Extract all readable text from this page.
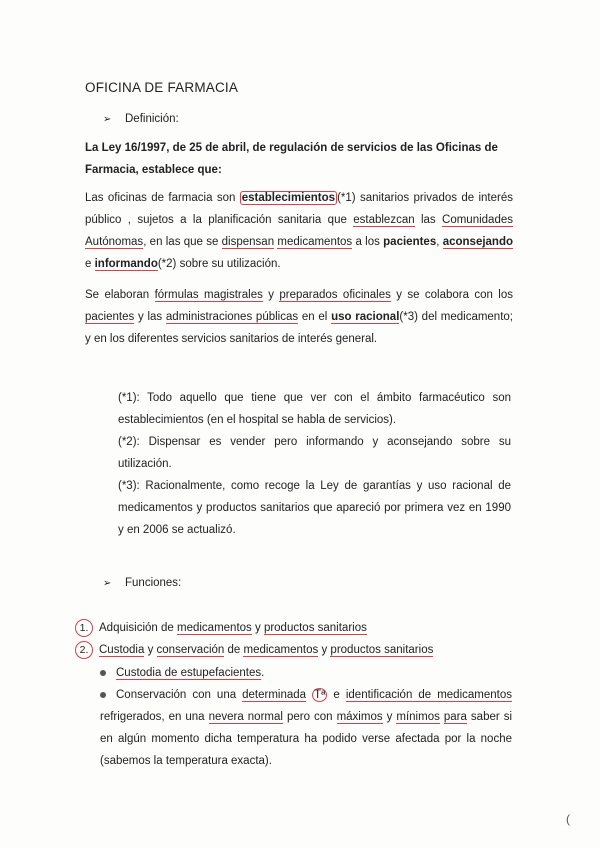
OFICINA DE FARMACIA
➢ Definición:
La Ley 16/1997, de 25 de abril, de regulación de servicios de las Oficinas de
Farmacia, establece que:
Las oficinas de farmacia son establecimientos (*1) sanitarios privados de interés público , sujetos a la planificación sanitaria que establezcan las Comunidades Autónomas, en las que se dispensan medicamentos a los pacientes, aconsejando e informando(*2) sobre su utilización.
Se elaboran fórmulas magistrales y preparados oficinales y se colabora con los pacientes y las administraciones públicas en el uso racional(*3) del medicamento; y en los diferentes servicios sanitarios de interés general.
(*1): Todo aquello que tiene que ver con el ámbito farmacéutico son establecimientos (en el hospital se habla de servicios).
(*2): Dispensar es vender pero informando y aconsejando sobre su utilización.
(*3): Racionalmente, como recoge la Ley de garantías y uso racional de medicamentos y productos sanitarios que apareció por primera vez en 1990 y en 2006 se actualizó.
➢ Funciones:
1. Adquisición de medicamentos y productos sanitarios
2. Custodia y conservación de medicamentos y productos sanitarios
Custodia de estupefacientes.
Conservación con una determinada Tª e identificación de medicamentos refrigerados, en una nevera normal pero con máximos y mínimos para saber si en algún momento dicha temperatura ha podido verse afectada por la noche (sabemos la temperatura exacta).
(
